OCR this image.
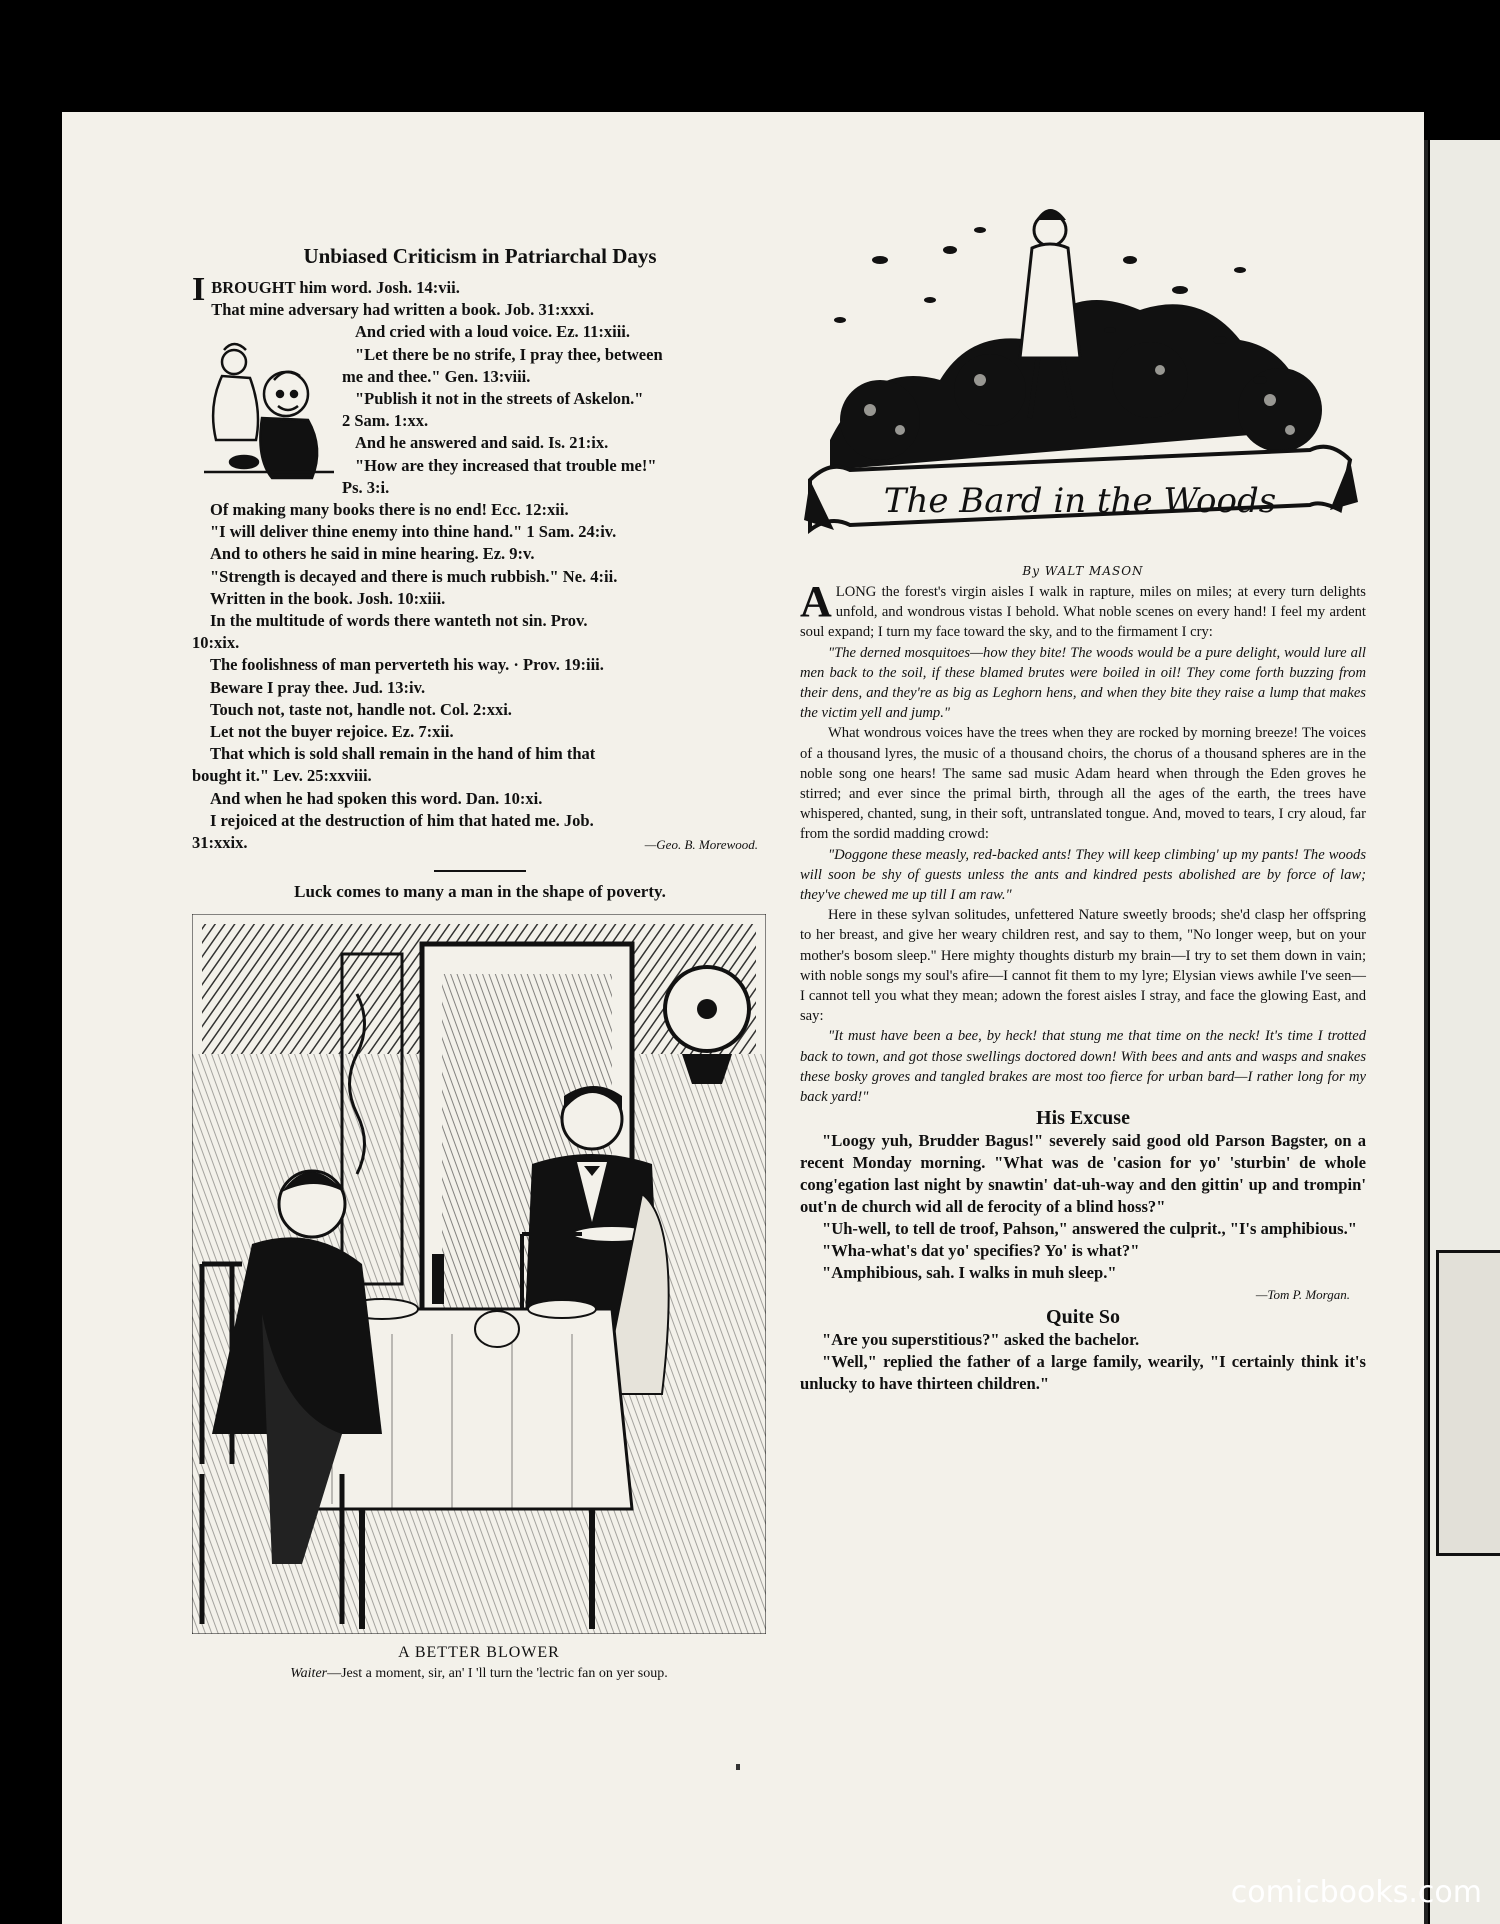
Unbiased Criticism in Patriarchal Days
I BROUGHT him word. Josh. 14:vii.
That mine adversary had written a book. Job. 31:xxxi.
And cried with a loud voice. Ez. 11:xiii.
"Let there be no strife, I pray thee, between
me and thee." Gen. 13:viii.
"Publish it not in the streets of Askelon."
2 Sam. 1:xx.
And he answered and said. Is. 21:ix.
"How are they increased that trouble me!"
Ps. 3:i.
Of making many books there is no end! Ecc. 12:xii.
"I will deliver thine enemy into thine hand." 1 Sam. 24:iv.
And to others he said in mine hearing. Ez. 9:v.
"Strength is decayed and there is much rubbish." Ne. 4:ii.
Written in the book. Josh. 10:xiii.
In the multitude of words there wanteth not sin. Prov.
10:xix.
The foolishness of man perverteth his way. · Prov. 19:iii.
Beware I pray thee. Jud. 13:iv.
Touch not, taste not, handle not. Col. 2:xxi.
Let not the buyer rejoice. Ez. 7:xii.
That which is sold shall remain in the hand of him that
bought it." Lev. 25:xxviii.
And when he had spoken this word. Dan. 10:xi.
I rejoiced at the destruction of him that hated me. Job.
31:xxix.	—Geo. B. Morewood.
Luck comes to many a man in the shape of poverty.
A BETTER BLOWER
Waiter—Jest a moment, sir, an' I 'll turn the 'lectric fan on yer soup.
The Bard in the Woods
By WALT MASON

ALONG the forest's virgin aisles I walk in rapture, miles on miles; at every turn delights unfold, and wondrous vistas I behold. What noble scenes on every hand! I feel my ardent soul expand; I turn my face toward the sky, and to the firmament I cry:

"The derned mosquitoes—how they bite! The woods would be a pure delight, would lure all men back to the soil, if these blamed brutes were boiled in oil! They come forth buzzing from their dens, and they're as big as Leghorn hens, and when they bite they raise a lump that makes the victim yell and jump."

What wondrous voices have the trees when they are rocked by morning breeze! The voices of a thousand lyres, the music of a thousand choirs, the chorus of a thousand spheres are in the noble song one hears! The same sad music Adam heard when through the Eden groves he stirred; and ever since the primal birth, through all the ages of the earth, the trees have whispered, chanted, sung, in their soft, untranslated tongue. And, moved to tears, I cry aloud, far from the sordid madding crowd:

"Doggone these measly, red-backed ants! They will keep climbing' up my pants! The woods will soon be shy of guests unless the ants and kindred pests abolished are by force of law; they've chewed me up till I am raw."

Here in these sylvan solitudes, unfettered Nature sweetly broods; she'd clasp her offspring to her breast, and give her weary children rest, and say to them, "No longer weep, but on your mother's bosom sleep." Here mighty thoughts disturb my brain—I try to set them down in vain; with noble songs my soul's afire—I cannot fit them to my lyre; Elysian views awhile I've seen—I cannot tell you what they mean; adown the forest aisles I stray, and face the glowing East, and say:

"It must have been a bee, by heck! that stung me that time on the neck! It's time I trotted back to town, and got those swellings doctored down! With bees and ants and wasps and snakes these bosky groves and tangled brakes are most too fierce for urban bard—I rather long for my back yard!"

His Excuse

"Loogy yuh, Brudder Bagus!" severely said good old Parson Bagster, on a recent Monday morning. "What was de 'casion for yo' 'sturbin' de whole cong'egation last night by snawtin' dat-uh-way and den gittin' up and trompin' out'n de church wid all de ferocity of a blind hoss?"

"Uh-well, to tell de troof, Pahson," answered the culprit., "I's amphibious."

"Wha-what's dat yo' specifies? Yo' is what?"

"Amphibious, sah. I walks in muh sleep."

—Tom P. Morgan.
Quite So

"Are you superstitious?" asked the bachelor.

"Well," replied the father of a large family, wearily, "I certainly think it's unlucky to have thirteen children."

comicbooks.com
